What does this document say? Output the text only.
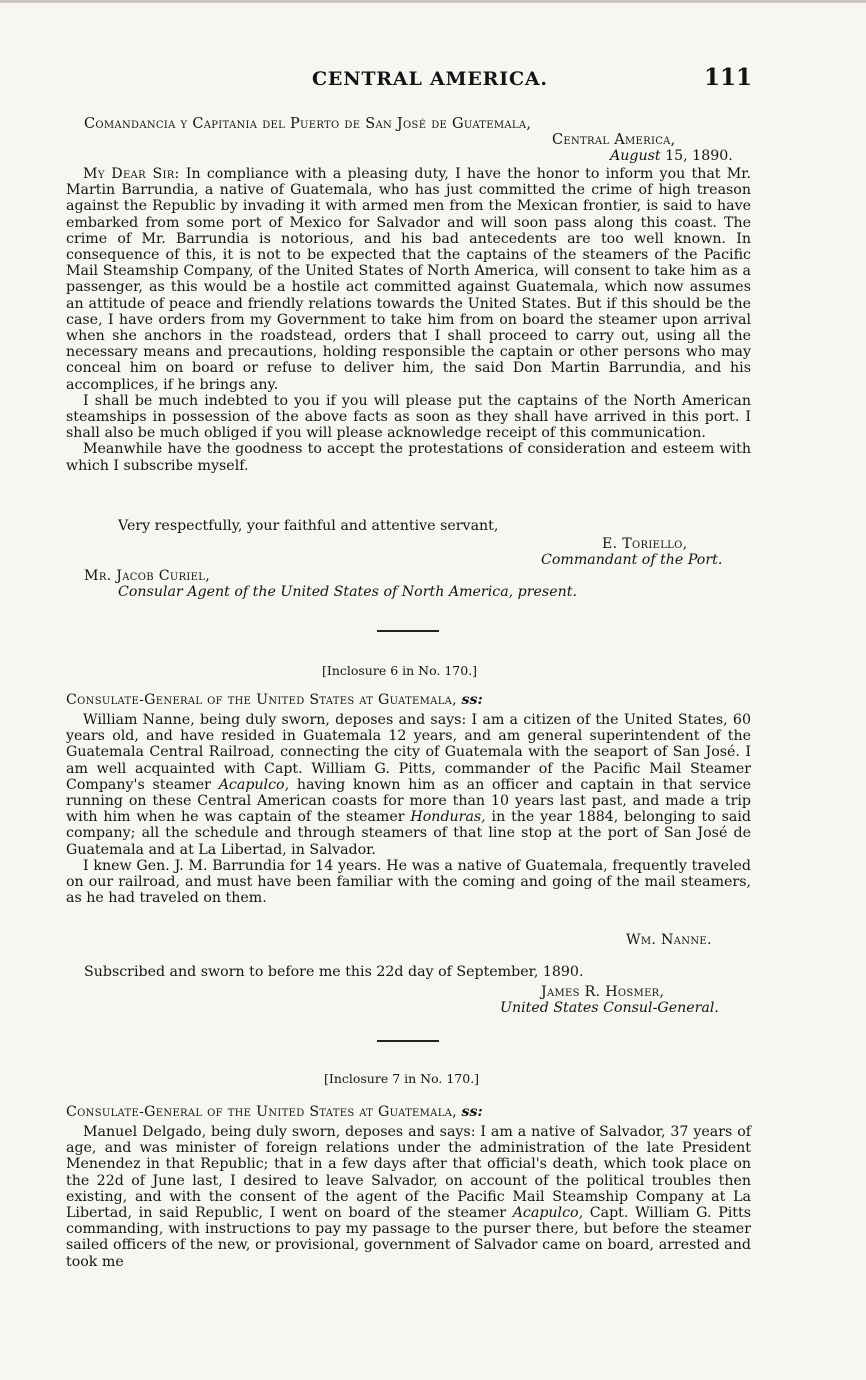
CENTRAL AMERICA.	111
Comandancia y Capitania del Puerto de San José de Guatemala,
Central America,
August 15, 1890.

My Dear Sir: In compliance with a pleasing duty, I have the honor to inform you that Mr. Martin Barrundia, a native of Guatemala, who has just committed the crime of high treason against the Republic by invading it with armed men from the Mexican frontier, is said to have embarked from some port of Mexico for Salvador and will soon pass along this coast. The crime of Mr. Barrundia is notorious, and his bad antecedents are too well known. In consequence of this, it is not to be expected that the captains of the steamers of the Pacific Mail Steamship Company, of the United States of North America, will consent to take him as a passenger, as this would be a hostile act committed against Guatemala, which now assumes an attitude of peace and friendly relations towards the United States. But if this should be the case, I have orders from my Government to take him from on board the steamer upon arrival when she anchors in the roadstead, orders that I shall proceed to carry out, using all the necessary means and precautions, holding responsible the captain or other persons who may conceal him on board or refuse to deliver him, the said Don Martin Barrundia, and his accomplices, if he brings any.

I shall be much indebted to you if you will please put the captains of the North American steamships in possession of the above facts as soon as they shall have arrived in this port. I shall also be much obliged if you will please acknowledge receipt of this communication.

Meanwhile have the goodness to accept the protestations of consideration and esteem with which I subscribe myself.

Very respectfully, your faithful and attentive servant,
E. Toriello,
Commandant of the Port.
Mr. Jacob Curiel,
Consular Agent of the United States of North America, present.
[Inclosure 6 in No. 170.]
Consulate-General of the United States at Guatemala, ss:

William Nanne, being duly sworn, deposes and says: I am a citizen of the United States, 60 years old, and have resided in Guatemala 12 years, and am general superintendent of the Guatemala Central Railroad, connecting the city of Guatemala with the seaport of San José. I am well acquainted with Capt. William G. Pitts, commander of the Pacific Mail Steamer Company's steamer Acapulco, having known him as an officer and captain in that service running on these Central American coasts for more than 10 years last past, and made a trip with him when he was captain of the steamer Honduras, in the year 1884, belonging to said company; all the schedule and through steamers of that line stop at the port of San José de Guatemala and at La Libertad, in Salvador.

I knew Gen. J. M. Barrundia for 14 years. He was a native of Guatemala, frequently traveled on our railroad, and must have been familiar with the coming and going of the mail steamers, as he had traveled on them.

Wm. Nanne.
Subscribed and sworn to before me this 22d day of September, 1890.
James R. Hosmer,
United States Consul-General.
[Inclosure 7 in No. 170.]
Consulate-General of the United States at Guatemala, ss:

Manuel Delgado, being duly sworn, deposes and says: I am a native of Salvador, 37 years of age, and was minister of foreign relations under the administration of the late President Menendez in that Republic; that in a few days after that official's death, which took place on the 22d of June last, I desired to leave Salvador, on account of the political troubles then existing, and with the consent of the agent of the Pacific Mail Steamship Company at La Libertad, in said Republic, I went on board of the steamer Acapulco, Capt. William G. Pitts commanding, with instructions to pay my passage to the purser there, but before the steamer sailed officers of the new, or provisional, government of Salvador came on board, arrested and took me
